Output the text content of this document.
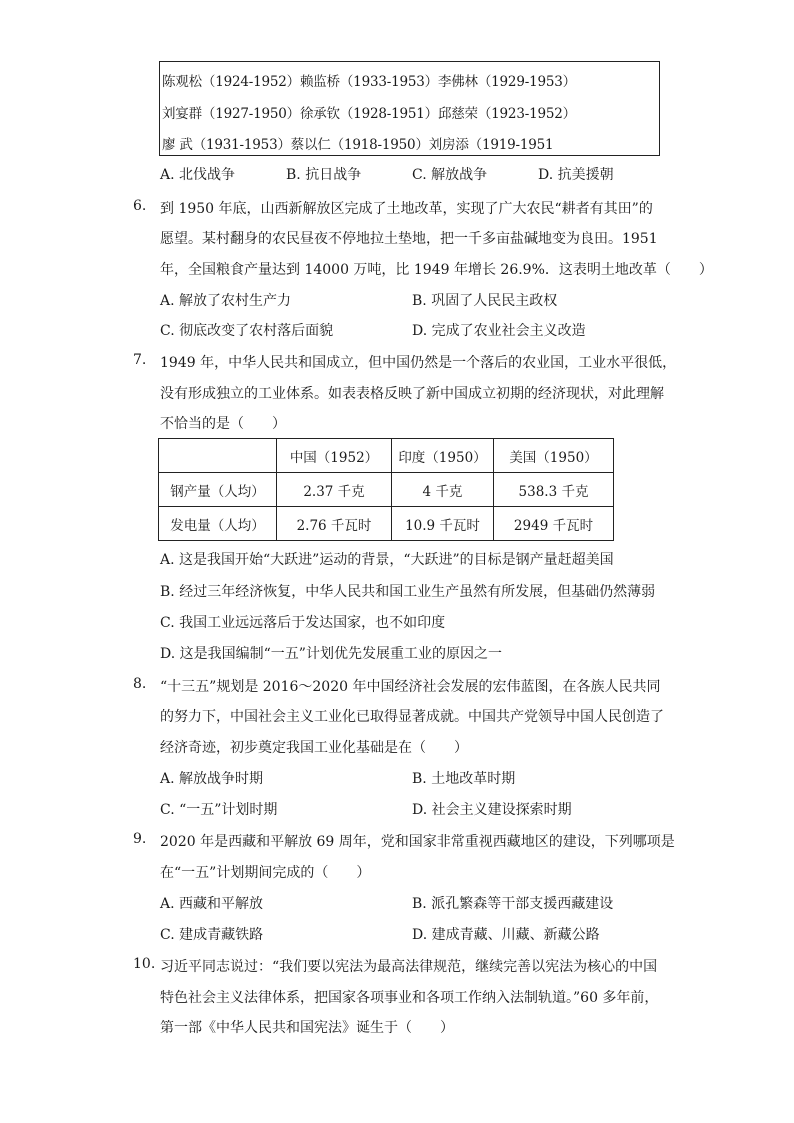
陈观松（1924-1952）赖监桥（1933-1953）李佛林（1929-1953）
刘宴群（1927-1950）徐承钦（1928-1951）邱慈荣（1923-1952）
廖 武（1931-1953）蔡以仁（1918-1950）刘房添（1919-1951
A. 北伐战争	B. 抗日战争	C. 解放战争	D. 抗美援朝
6. 到 1950 年底，山西新解放区完成了土地改革，实现了广大农民“耕者有其田”的
愿望。某村翻身的农民昼夜不停地拉土垫地，把一千多亩盐碱地变为良田。1951
年，全国粮食产量达到 14000 万吨，比 1949 年增长 26.9%．这表明土地改革（　　）
A. 解放了农村生产力	B. 巩固了人民民主政权
C. 彻底改变了农村落后面貌	D. 完成了农业社会主义改造
7. 1949 年，中华人民共和国成立，但中国仍然是一个落后的农业国，工业水平很低，
没有形成独立的工业体系。如表表格反映了新中国成立初期的经济现状，对此理解
不恰当的是（　　）
	中国（1952）	印度（1950）	美国（1950）
钢产量（人均）	2.37 千克	4 千克	538.3 千克
发电量（人均）	2.76 千瓦时	10.9 千瓦时	2949 千瓦时
A. 这是我国开始“大跃进”运动的背景，“大跃进”的目标是钢产量赶超美国
B. 经过三年经济恢复，中华人民共和国工业生产虽然有所发展，但基础仍然薄弱
C. 我国工业远远落后于发达国家，也不如印度
D. 这是我国编制“一五”计划优先发展重工业的原因之一
8. “十三五”规划是 2016～2020 年中国经济社会发展的宏伟蓝图，在各族人民共同
的努力下，中国社会主义工业化已取得显著成就。中国共产党领导中国人民创造了
经济奇迹，初步奠定我国工业化基础是在（　　）
A. 解放战争时期	B. 土地改革时期
C. “一五”计划时期	D. 社会主义建设探索时期
9. 2020 年是西藏和平解放 69 周年，党和国家非常重视西藏地区的建设，下列哪项是
在“一五”计划期间完成的（　　）
A. 西藏和平解放	B. 派孔繁森等干部支援西藏建设
C. 建成青藏铁路	D. 建成青藏、川藏、新藏公路
10. 习近平同志说过：“我们要以宪法为最高法律规范，继续完善以宪法为核心的中国
特色社会主义法律体系，把国家各项事业和各项工作纳入法制轨道。”60 多年前，
第一部《中华人民共和国宪法》诞生于（　　）
